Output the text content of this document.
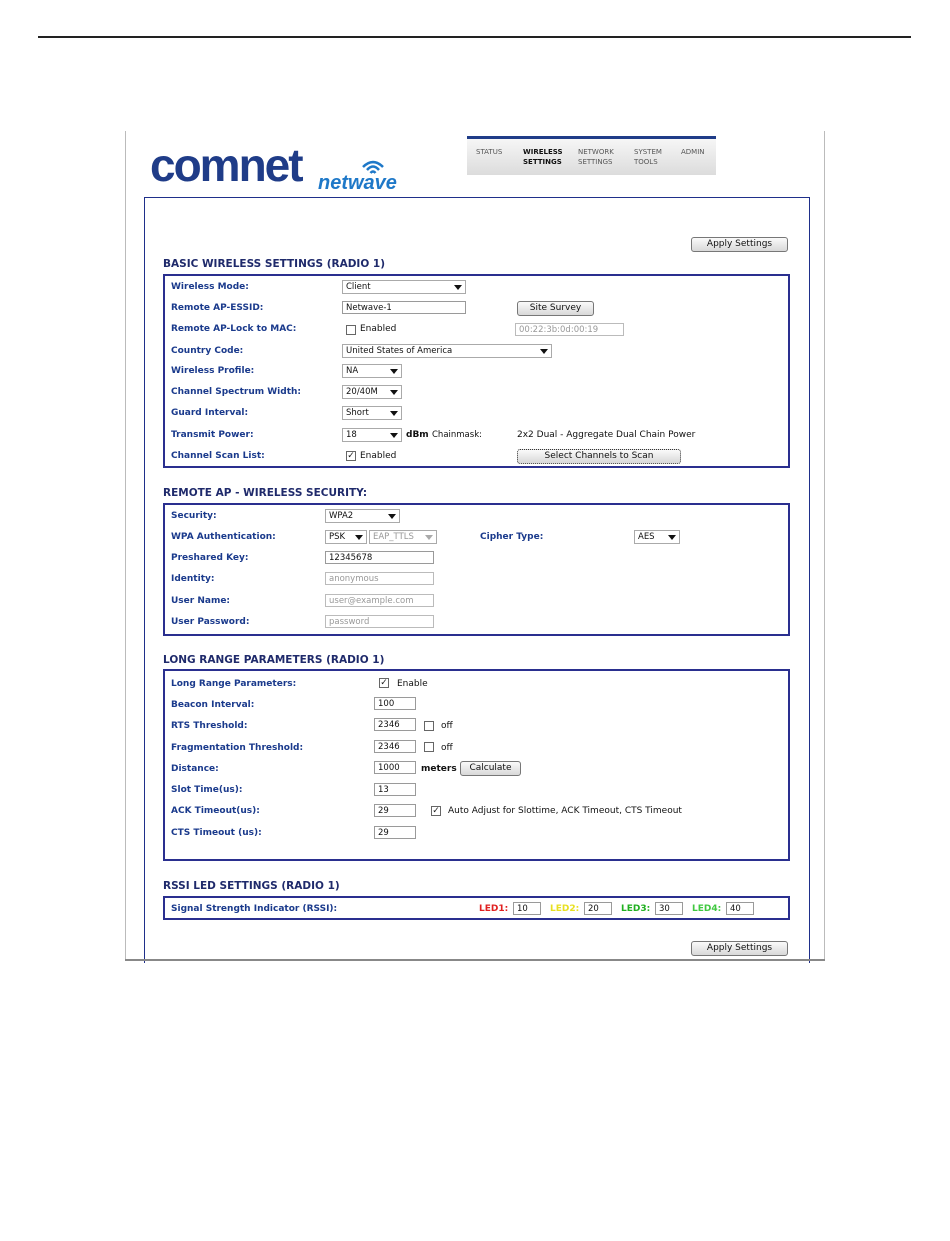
comnet netwave
STATUS	WIRELESS
SETTINGS
NETWORK
SETTINGS
SYSTEM
TOOLS
ADMIN
Apply Settings
BASIC WIRELESS SETTINGS (RADIO 1)
Wireless Mode:	Client
Remote AP-ESSID:	Netwave-1	Site Survey
Remote AP-Lock to MAC:	Enabled	00:22:3b:0d:00:19
Country Code:	United States of America
Wireless Profile:	NA
Channel Spectrum Width:	20/40M
Guard Interval:	Short
Transmit Power:	18	dBm Chainmask:	2x2 Dual - Aggregate Dual Chain Power
Channel Scan List:	✓ Enabled	Select Channels to Scan
REMOTE AP - WIRELESS SECURITY:
Security:	WPA2
WPA Authentication:	PSK	EAP_TTLS	Cipher Type:	AES
Preshared Key:	12345678
Identity:	anonymous
User Name:	user@example.com
User Password:	password
LONG RANGE PARAMETERS (RADIO 1)
Long Range Parameters:	✓ Enable
Beacon Interval:	100
RTS Threshold:	2346	off
Fragmentation Threshold:	2346	off
Distance:	1000	meters	Calculate
Slot Time(us):	13
ACK Timeout(us):	29	✓ Auto Adjust for Slottime, ACK Timeout, CTS Timeout
CTS Timeout (us):	29
RSSI LED SETTINGS (RADIO 1)
Signal Strength Indicator (RSSI):	LED1:	10	LED2:	20	LED3:	30	LED4:	40
Apply Settings
